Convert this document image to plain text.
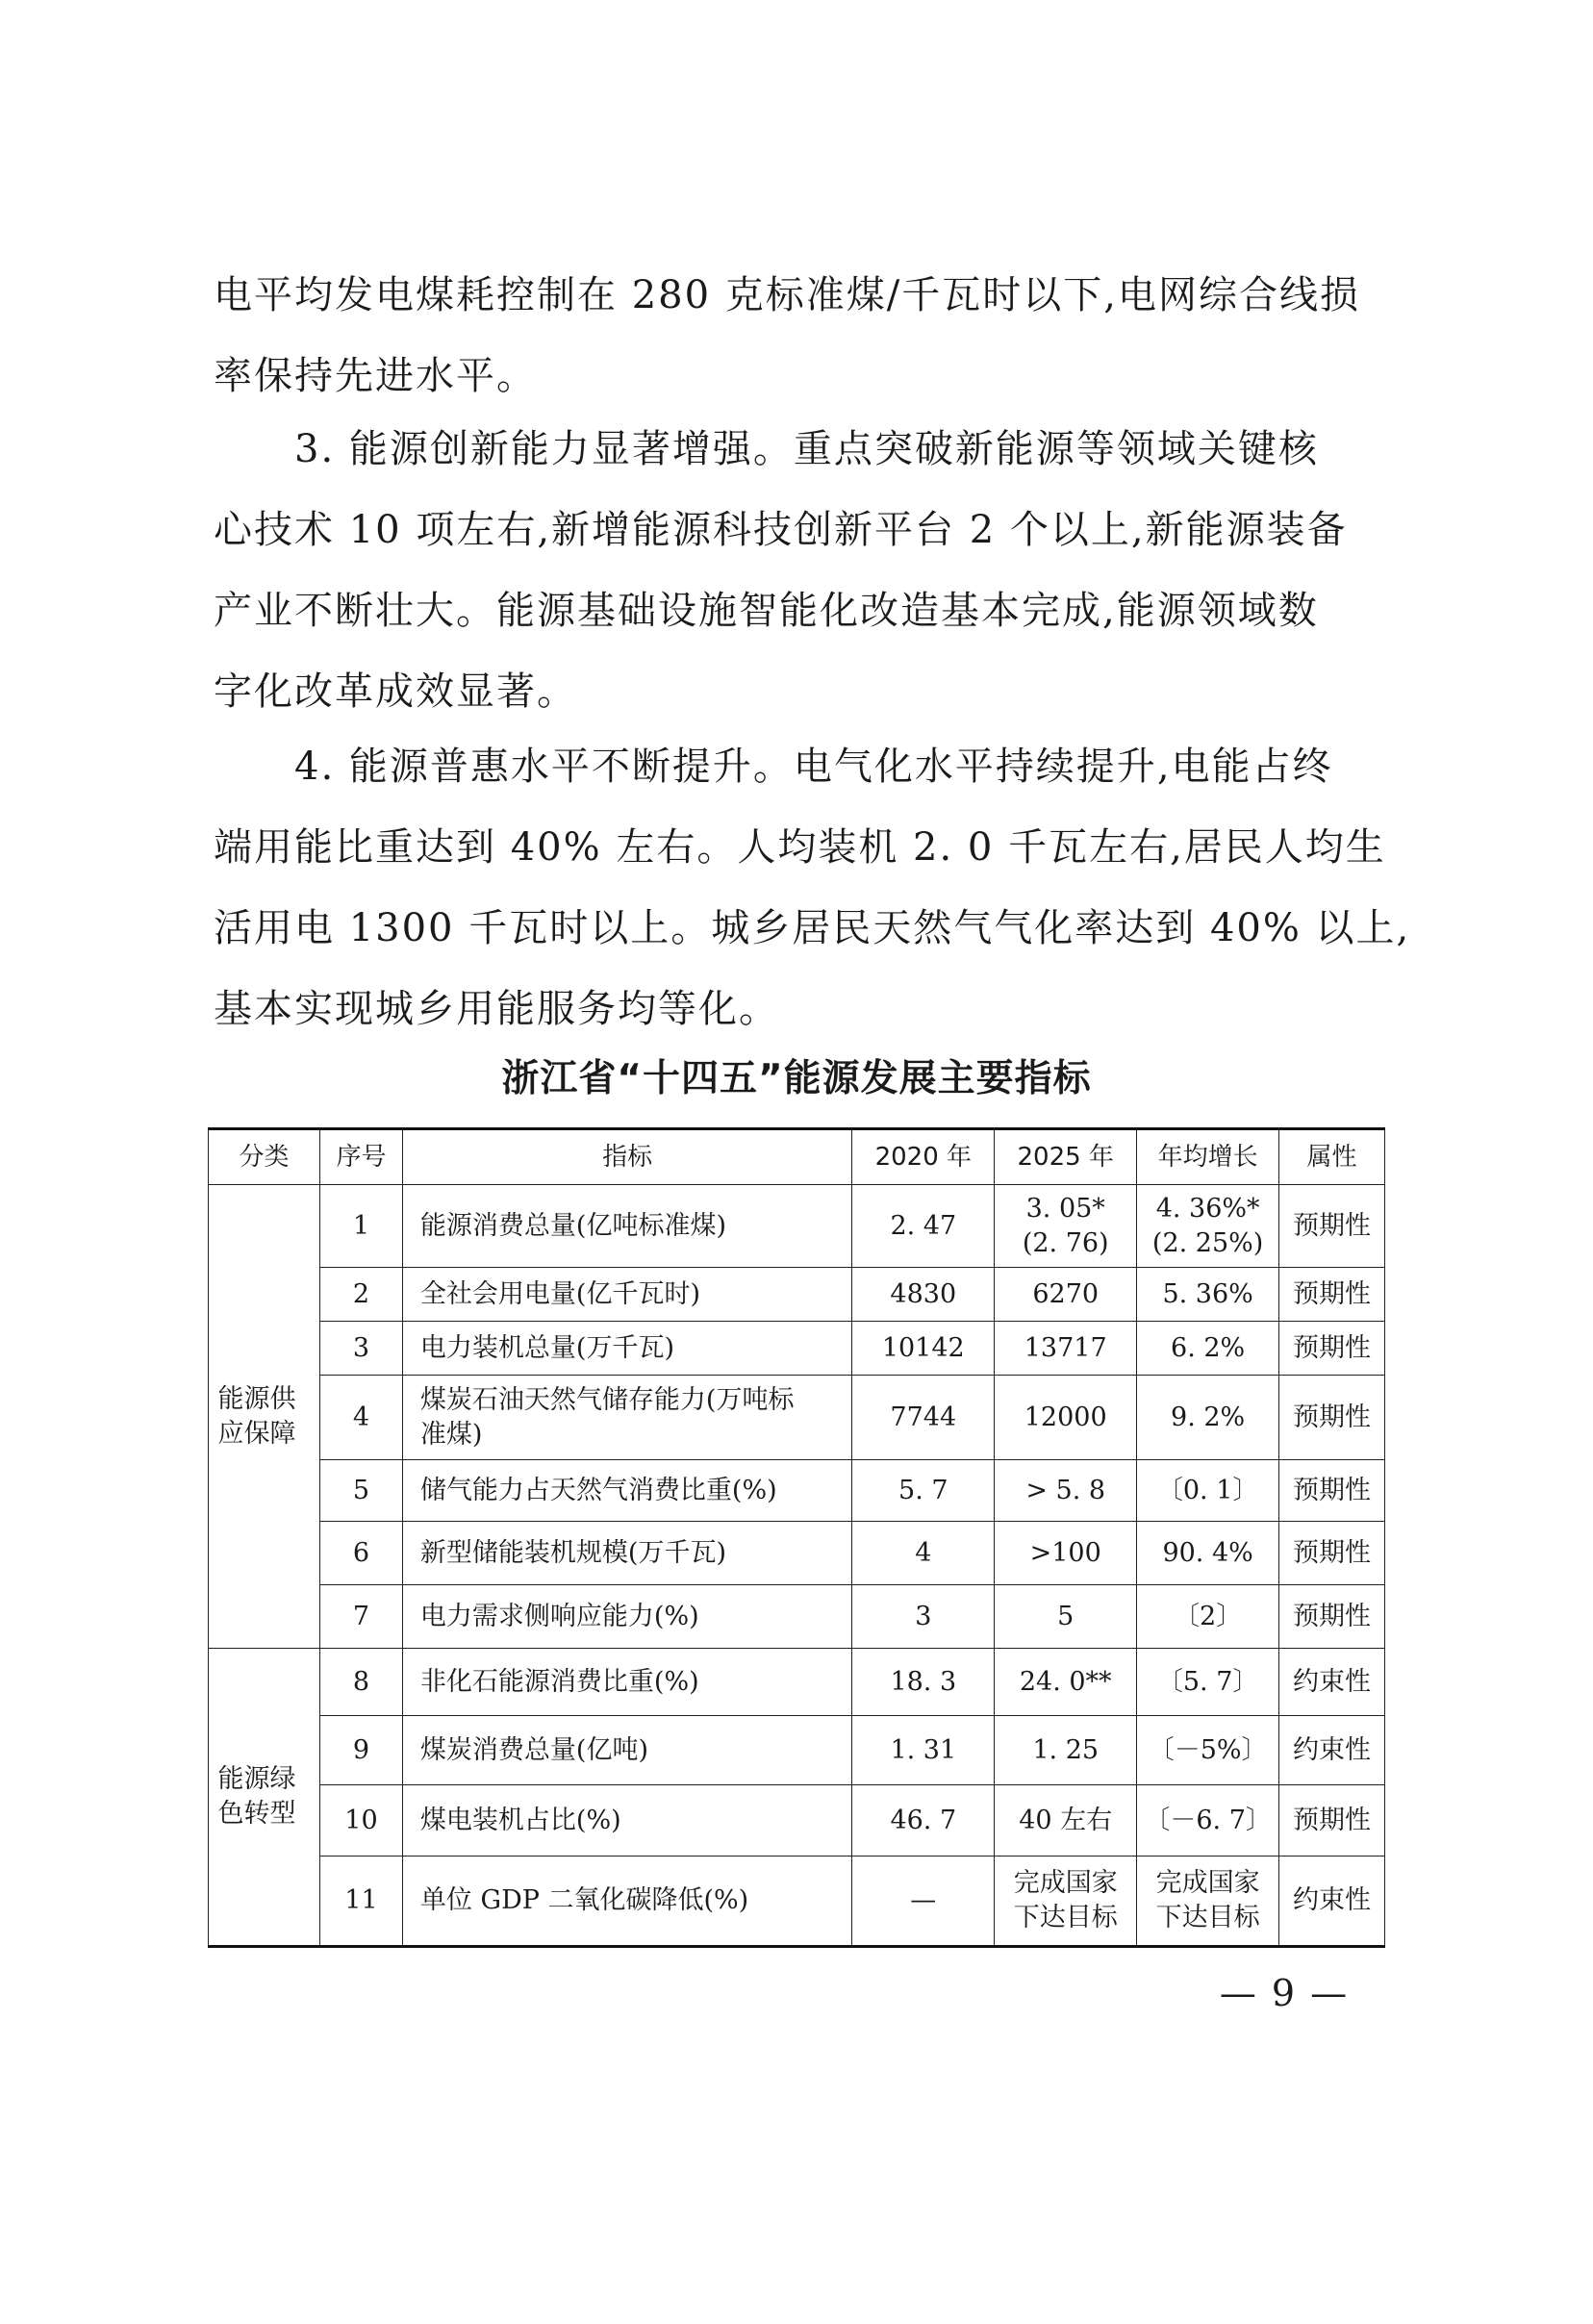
电平均发电煤耗控制在 280 克标准煤/千瓦时以下,电网综合线损
率保持先进水平。
　　3. 能源创新能力显著增强。重点突破新能源等领域关键核
心技术 10 项左右,新增能源科技创新平台 2 个以上,新能源装备
产业不断壮大。能源基础设施智能化改造基本完成,能源领域数
字化改革成效显著。
　　4. 能源普惠水平不断提升。电气化水平持续提升,电能占终
端用能比重达到 40% 左右。人均装机 2. 0 千瓦左右,居民人均生
活用电 1300 千瓦时以上。城乡居民天然气气化率达到 40% 以上,
基本实现城乡用能服务均等化。
浙江省“十四五”能源发展主要指标
分类	序号	指标	2020 年	2025 年	年均增长	属性

能源供
应保障	1	能源消费总量(亿吨标准煤)	2. 47	3. 05*
(2. 76)	4. 36%*
(2. 25%)	预期性
	2	全社会用电量(亿千瓦时)	4830	6270	5. 36%	预期性
	3	电力装机总量(万千瓦)	10142	13717	6. 2%	预期性
	4	煤炭石油天然气储存能力(万吨标
准煤)	7744	12000	9. 2%	预期性
	5	储气能力占天然气消费比重(%)	5. 7	> 5. 8	〔0. 1〕	预期性
	6	新型储能装机规模(万千瓦)	4	>100	90. 4%	预期性
	7	电力需求侧响应能力(%)	3	5	〔2〕	预期性

能源绿
色转型	8	非化石能源消费比重(%)	18. 3	24. 0**	〔5. 7〕	约束性
	9	煤炭消费总量(亿吨)	1. 31	1. 25	〔－5%〕	约束性
	10	煤电装机占比(%)	46. 7	40 左右	〔－6. 7〕	预期性
	11	单位 GDP 二氧化碳降低(%)	—	完成国家
下达目标	完成国家
下达目标	约束性
— 9 —
